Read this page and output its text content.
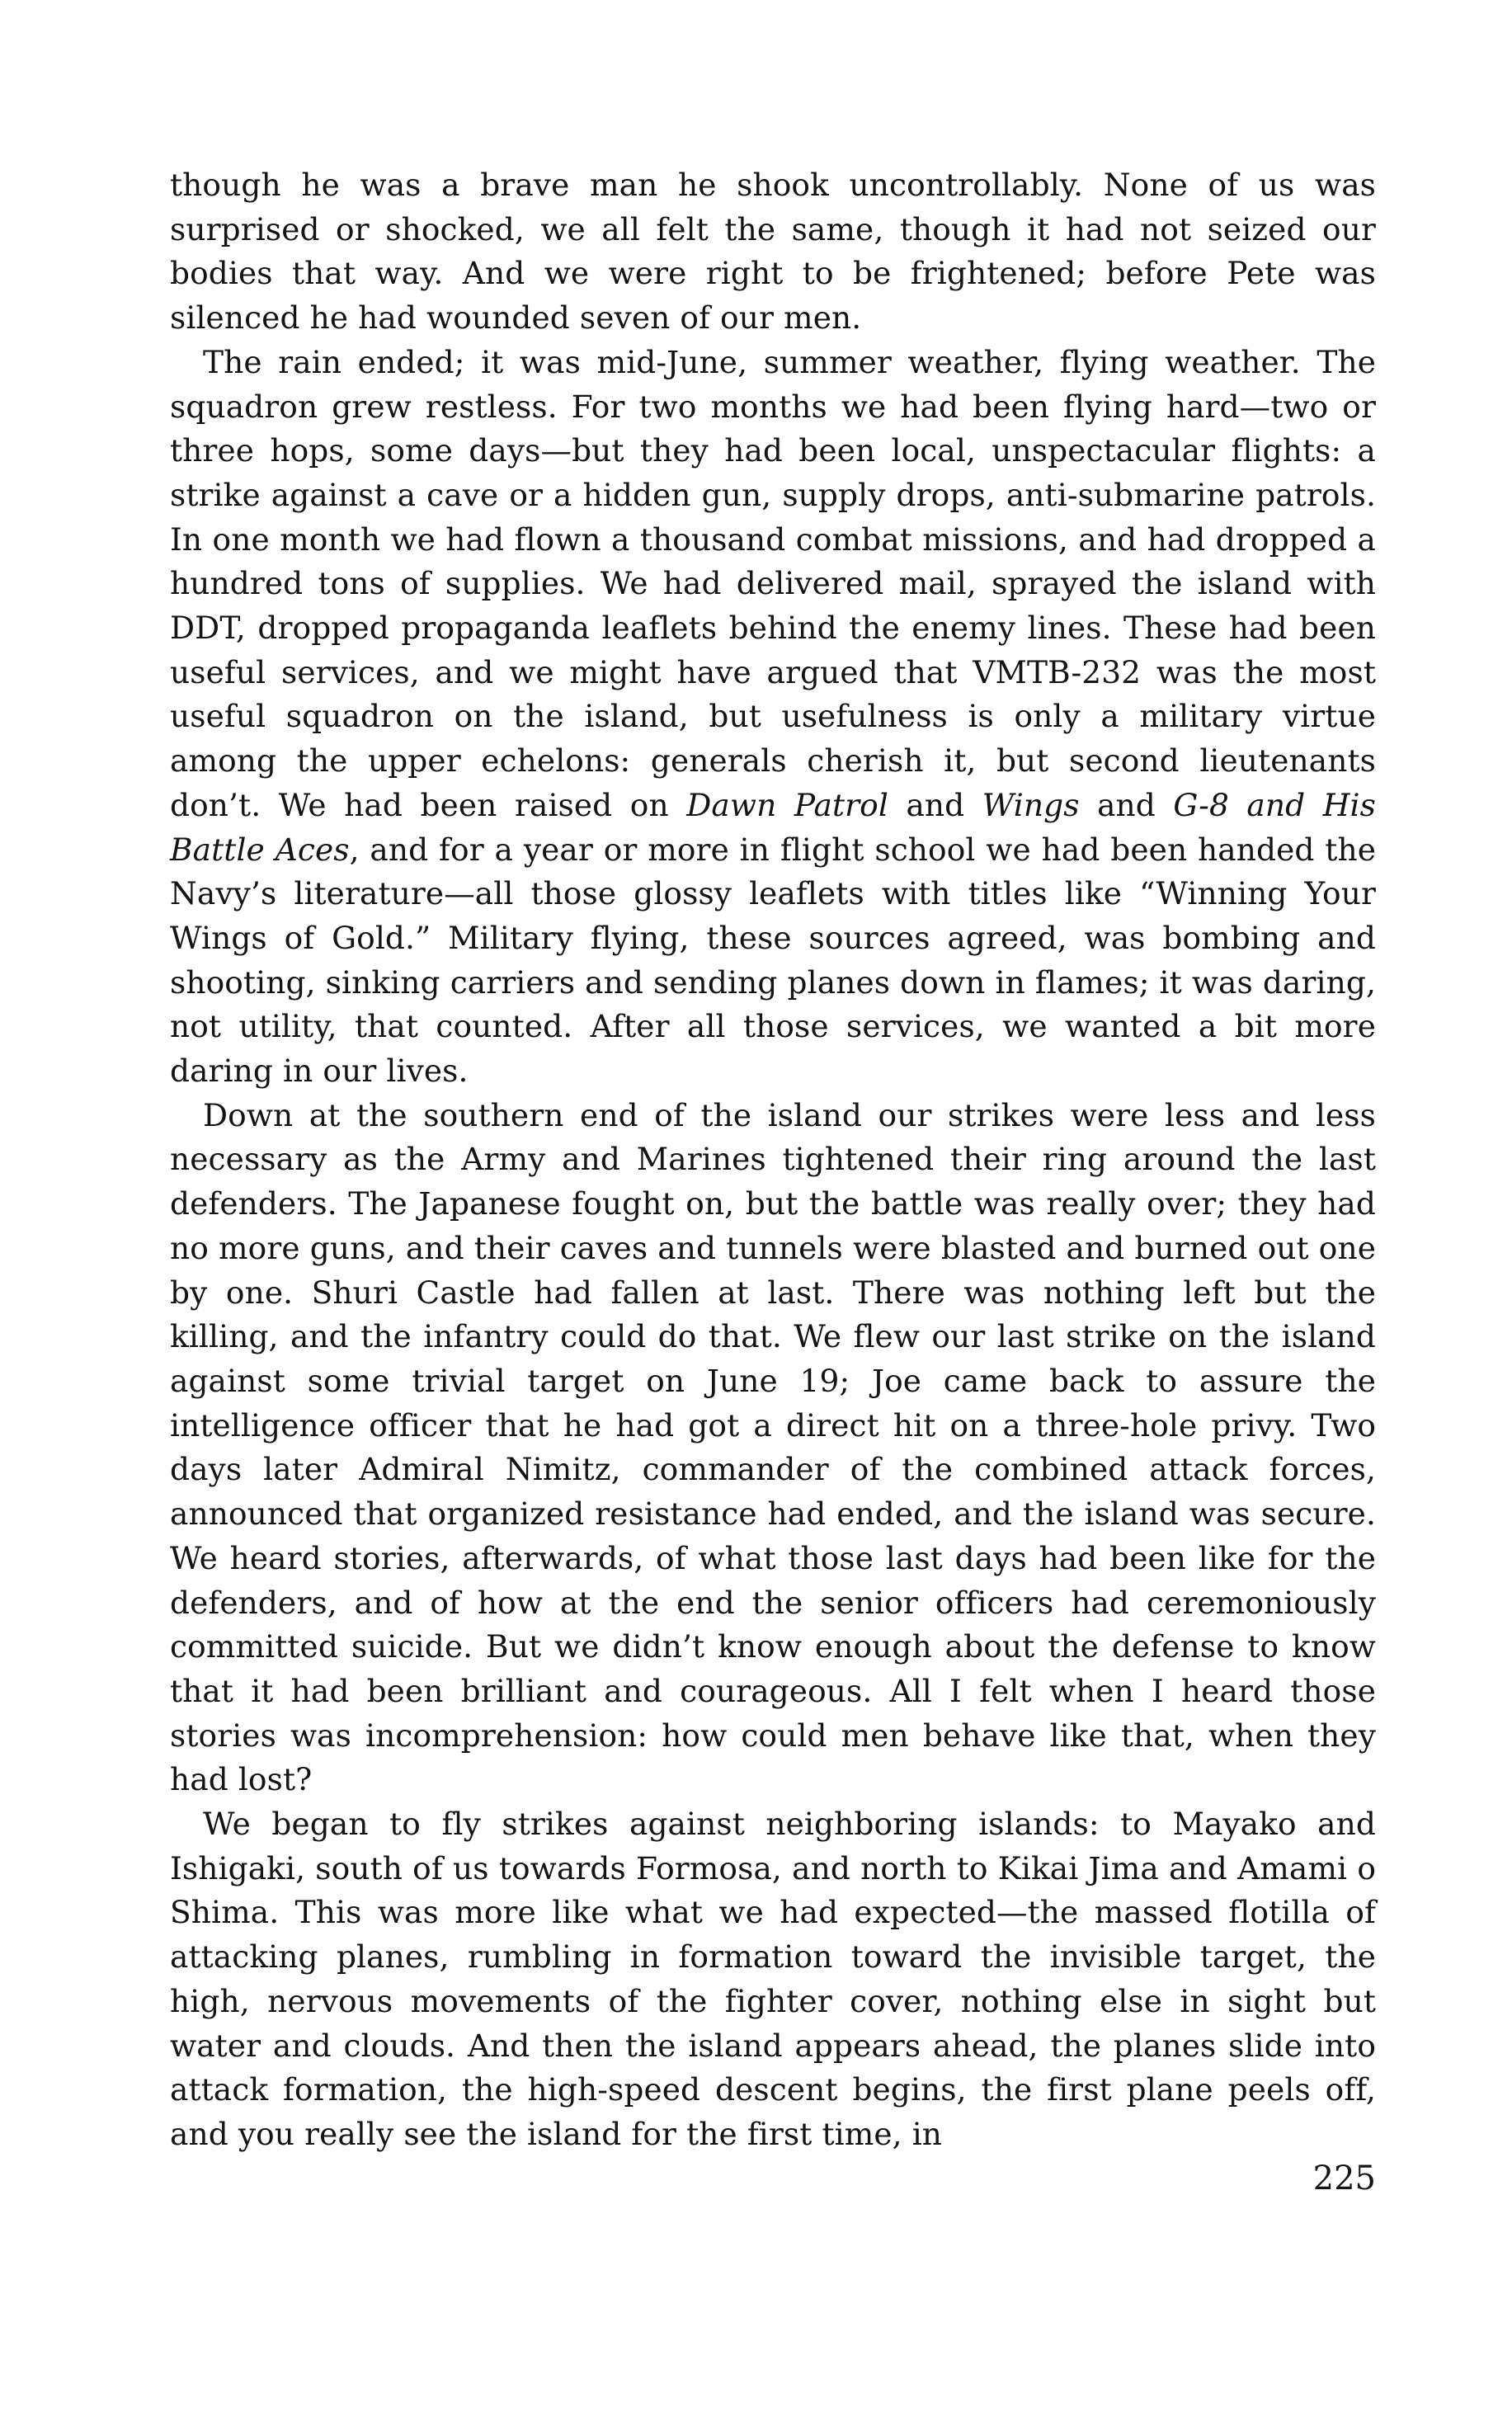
though he was a brave man he shook uncontrollably. None of us was surprised or shocked, we all felt the same, though it had not seized our bodies that way. And we were right to be frightened; before Pete was silenced he had wounded seven of our men.

The rain ended; it was mid-June, summer weather, flying weather. The squadron grew restless. For two months we had been flying hard—two or three hops, some days—but they had been local, unspectacular flights: a strike against a cave or a hidden gun, supply drops, anti-submarine patrols. In one month we had flown a thousand combat missions, and had dropped a hundred tons of supplies. We had delivered mail, sprayed the island with DDT, dropped propaganda leaflets behind the enemy lines. These had been useful services, and we might have argued that VMTB-232 was the most useful squadron on the island, but usefulness is only a military virtue among the upper echelons: generals cherish it, but second lieutenants don’t. We had been raised on Dawn Patrol and Wings and G-8 and His Battle Aces, and for a year or more in flight school we had been handed the Navy’s literature—all those glossy leaflets with titles like “Winning Your Wings of Gold.” Military flying, these sources agreed, was bombing and shooting, sinking carriers and sending planes down in flames; it was daring, not utility, that counted. After all those services, we wanted a bit more daring in our lives.

Down at the southern end of the island our strikes were less and less necessary as the Army and Marines tightened their ring around the last defenders. The Japanese fought on, but the battle was really over; they had no more guns, and their caves and tunnels were blasted and burned out one by one. Shuri Castle had fallen at last. There was nothing left but the killing, and the infantry could do that. We flew our last strike on the island against some trivial target on June 19; Joe came back to assure the intelligence officer that he had got a direct hit on a three-hole privy. Two days later Admiral Nimitz, commander of the combined attack forces, announced that organized resistance had ended, and the island was secure. We heard stories, afterwards, of what those last days had been like for the defenders, and of how at the end the senior officers had ceremoniously committed suicide. But we didn’t know enough about the defense to know that it had been brilliant and courageous. All I felt when I heard those stories was incomprehension: how could men behave like that, when they had lost?

We began to fly strikes against neighboring islands: to Mayako and Ishigaki, south of us towards Formosa, and north to Kikai Jima and Amami o Shima. This was more like what we had expected—the massed flotilla of attacking planes, rumbling in formation toward the invisible target, the high, nervous movements of the fighter cover, nothing else in sight but water and clouds. And then the island appears ahead, the planes slide into attack formation, the high-speed descent begins, the first plane peels off, and you really see the island for the first time, in

225
